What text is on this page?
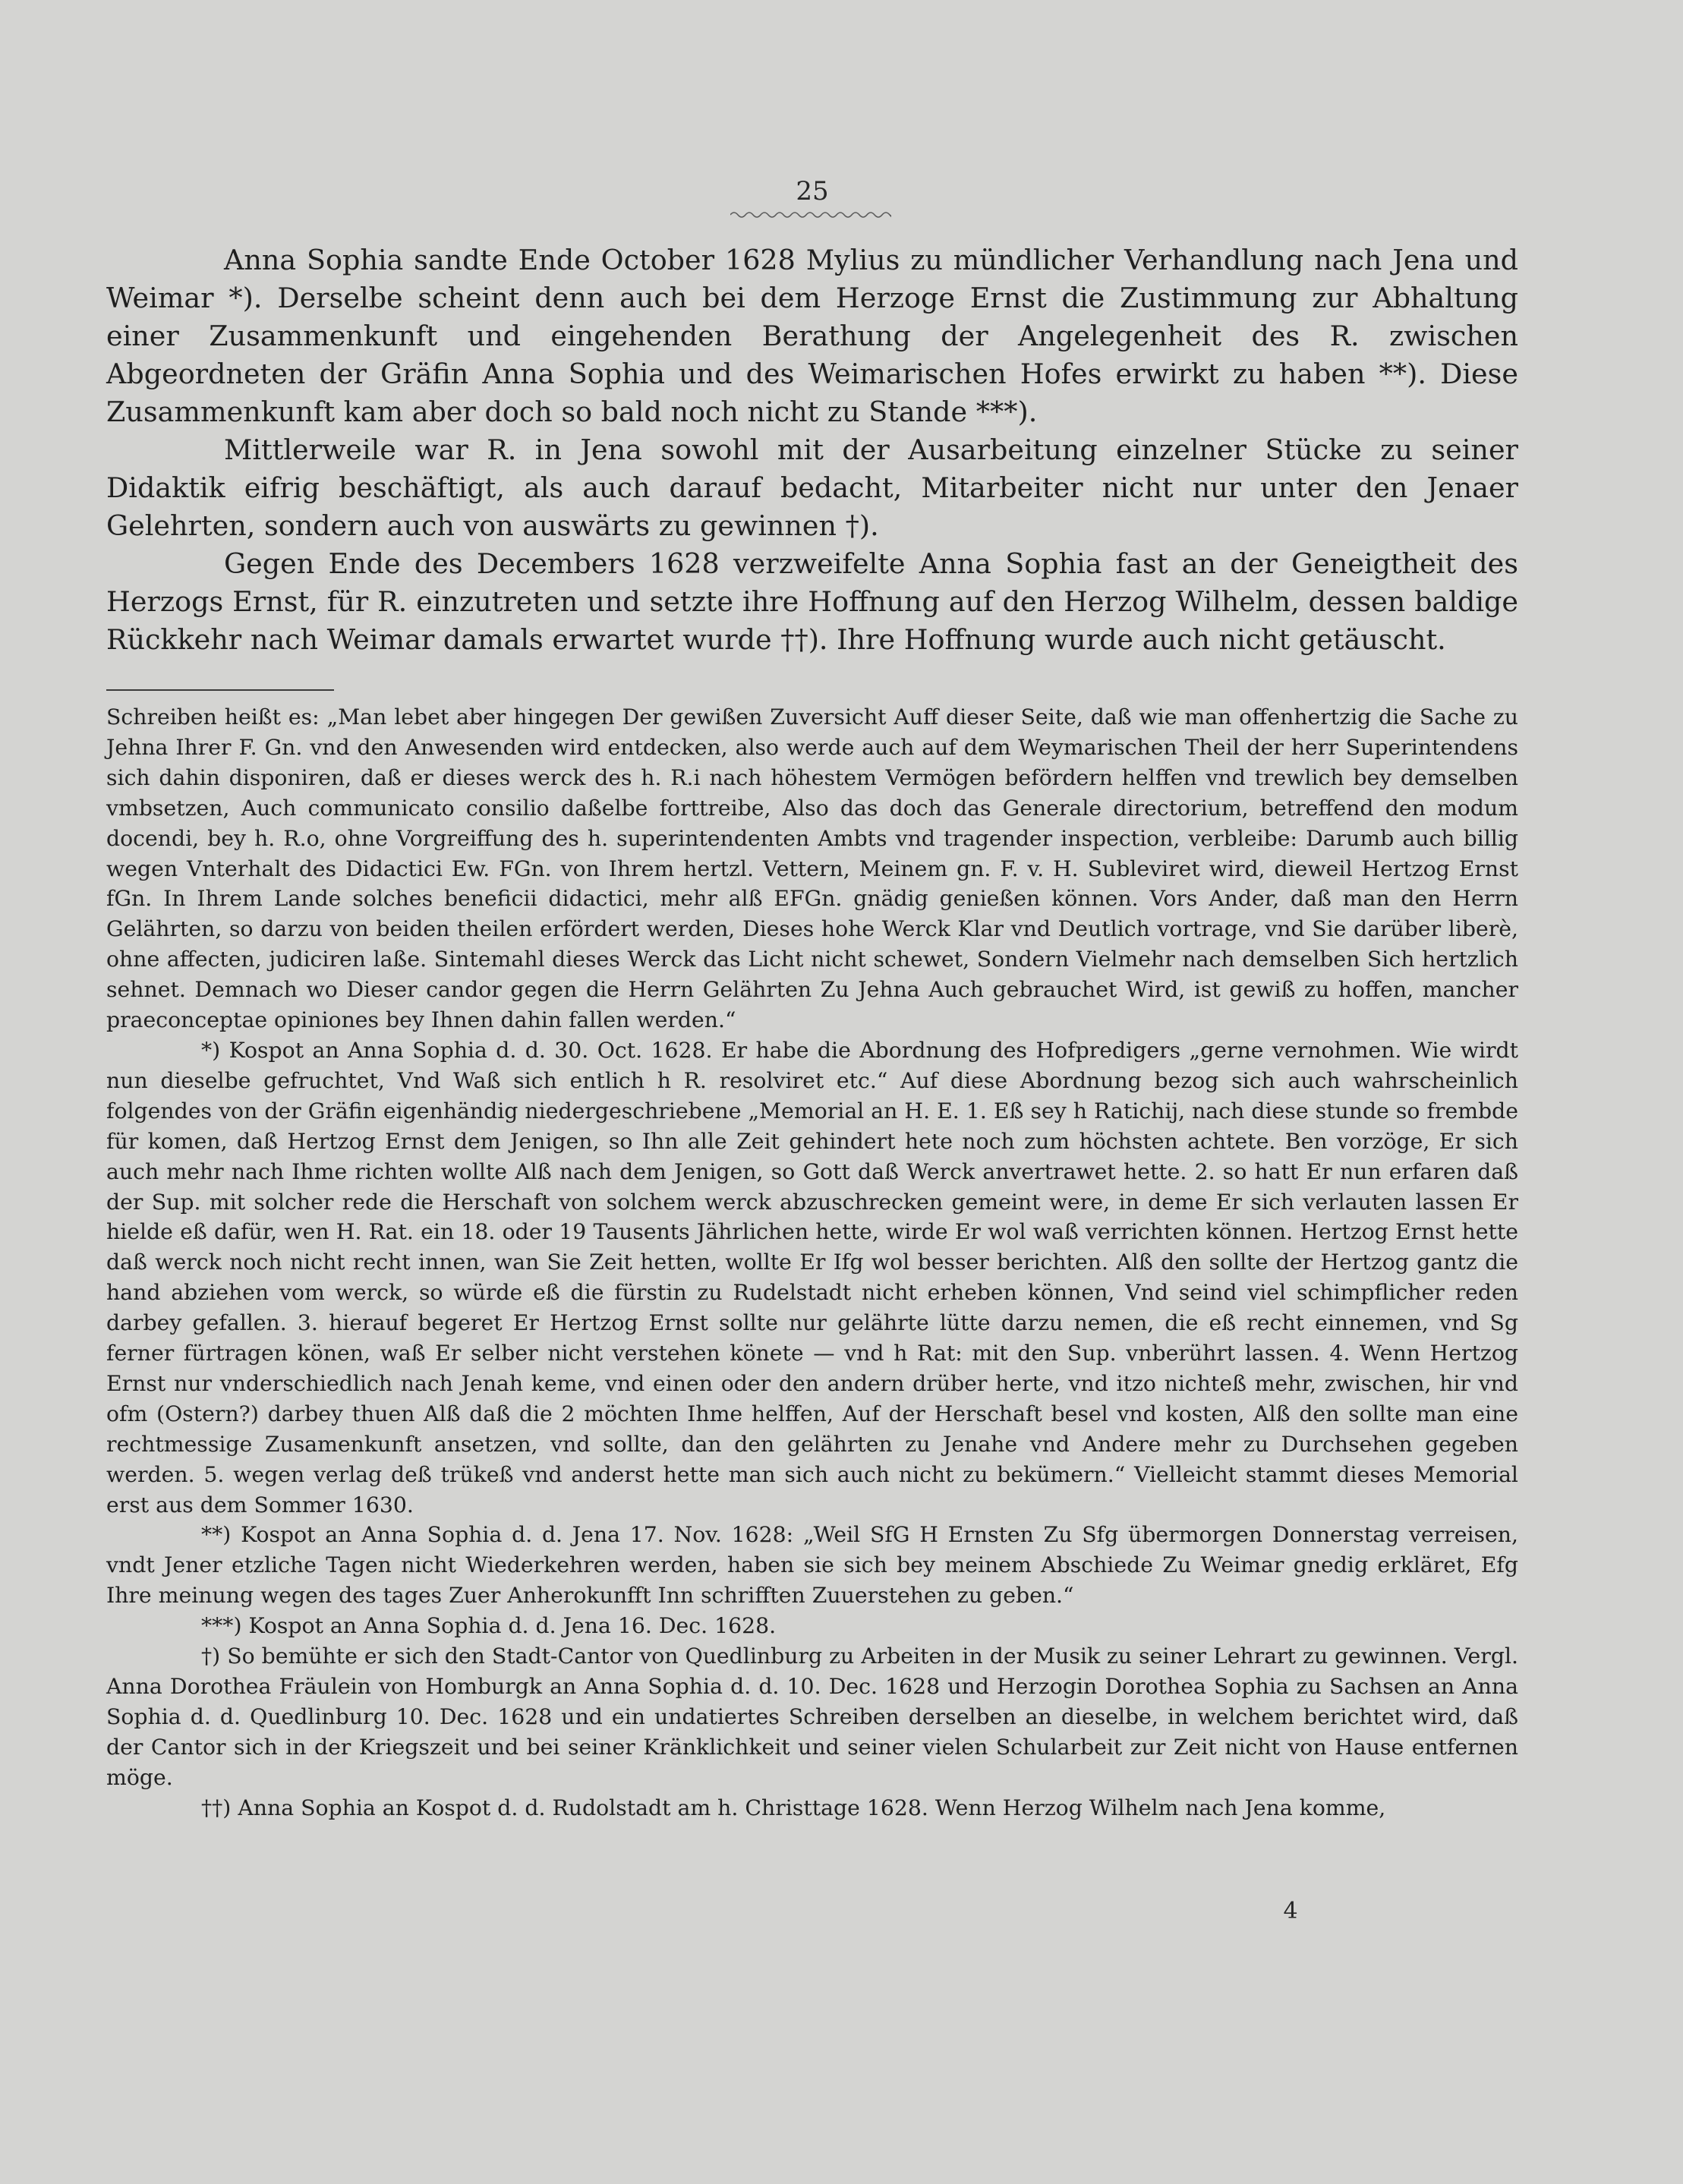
25

Anna Sophia sandte Ende October 1628 Mylius zu mündlicher Verhandlung nach Jena und Weimar *). Derselbe scheint denn auch bei dem Herzoge Ernst die Zustimmung zur Abhaltung einer Zusammenkunft und eingehenden Berathung der Angelegenheit des R. zwischen Abgeordneten der Gräfin Anna Sophia und des Weimarischen Hofes erwirkt zu haben **). Diese Zusammenkunft kam aber doch so bald noch nicht zu Stande ***).

Mittlerweile war R. in Jena sowohl mit der Ausarbeitung einzelner Stücke zu seiner Didaktik eifrig beschäftigt, als auch darauf bedacht, Mitarbeiter nicht nur unter den Jenaer Gelehrten, sondern auch von auswärts zu gewinnen †).

Gegen Ende des Decembers 1628 verzweifelte Anna Sophia fast an der Geneigtheit des Herzogs Ernst, für R. einzutreten und setzte ihre Hoffnung auf den Herzog Wilhelm, dessen baldige Rückkehr nach Weimar damals erwartet wurde ††). Ihre Hoffnung wurde auch nicht getäuscht.

Schreiben heißt es: „Man lebet aber hingegen Der gewißen Zuversicht Auff dieser Seite, daß wie man offenhertzig die Sache zu Jehna Ihrer F. Gn. vnd den Anwesenden wird entdecken, also werde auch auf dem Weymarischen Theil der herr Superintendens sich dahin disponiren, daß er dieses werck des h. R.i nach höhestem Vermögen befördern helffen vnd trewlich bey demselben vmbsetzen, Auch communicato consilio daßelbe forttreibe, Also das doch das Generale directorium, betreffend den modum docendi, bey h. R.o, ohne Vorgreiffung des h. superintendenten Ambts vnd tragender inspection, verbleibe: Darumb auch billig wegen Vnterhalt des Didactici Ew. FGn. von Ihrem hertzl. Vettern, Meinem gn. F. v. H. Subleviret wird, dieweil Hertzog Ernst fGn. In Ihrem Lande solches beneficii didactici, mehr alß EFGn. gnädig genießen können. Vors Ander, daß man den Herrn Gelährten, so darzu von beiden theilen erfördert werden, Dieses hohe Werck Klar vnd Deutlich vortrage, vnd Sie darüber liberè, ohne affecten, judiciren laße. Sintemahl dieses Werck das Licht nicht schewet, Sondern Vielmehr nach demselben Sich hertzlich sehnet. Demnach wo Dieser candor gegen die Herrn Gelährten Zu Jehna Auch gebrauchet Wird, ist gewiß zu hoffen, mancher praeconceptae opiniones bey Ihnen dahin fallen werden.“

*) Kospot an Anna Sophia d. d. 30. Oct. 1628. Er habe die Abordnung des Hofpredigers „gerne vernohmen. Wie wirdt nun dieselbe gefruchtet, Vnd Waß sich entlich h R. resolviret etc.“ Auf diese Abordnung bezog sich auch wahrscheinlich folgendes von der Gräfin eigenhändig niedergeschriebene „Memorial an H. E. 1. Eß sey h Ratichij, nach diese stunde so frembde für komen, daß Hertzog Ernst dem Jenigen, so Ihn alle Zeit gehindert hete noch zum höchsten achtete. Ben vorzöge, Er sich auch mehr nach Ihme richten wollte Alß nach dem Jenigen, so Gott daß Werck anvertrawet hette. 2. so hatt Er nun erfaren daß der Sup. mit solcher rede die Herschaft von solchem werck abzuschrecken gemeint were, in deme Er sich verlauten lassen Er hielde eß dafür, wen H. Rat. ein 18. oder 19 Tausents Jährlichen hette, wirde Er wol waß verrichten können. Hertzog Ernst hette daß werck noch nicht recht innen, wan Sie Zeit hetten, wollte Er Ifg wol besser berichten. Alß den sollte der Hertzog gantz die hand abziehen vom werck, so würde eß die fürstin zu Rudelstadt nicht erheben können, Vnd seind viel schimpflicher reden darbey gefallen. 3. hierauf begeret Er Hertzog Ernst sollte nur gelährte lütte darzu nemen, die eß recht einnemen, vnd Sg ferner fürtragen könen, waß Er selber nicht verstehen könete — vnd h Rat: mit den Sup. vnberührt lassen. 4. Wenn Hertzog Ernst nur vnderschiedlich nach Jenah keme, vnd einen oder den andern drüber herte, vnd itzo nichteß mehr, zwischen, hir vnd ofm (Ostern?) darbey thuen Alß daß die 2 möchten Ihme helffen, Auf der Herschaft besel vnd kosten, Alß den sollte man eine rechtmessige Zusamenkunft ansetzen, vnd sollte, dan den gelährten zu Jenahe vnd Andere mehr zu Durchsehen gegeben werden. 5. wegen verlag deß trükeß vnd anderst hette man sich auch nicht zu bekümern.“ Vielleicht stammt dieses Memorial erst aus dem Sommer 1630.

**) Kospot an Anna Sophia d. d. Jena 17. Nov. 1628: „Weil SfG H Ernsten Zu Sfg übermorgen Donnerstag verreisen, vndt Jener etzliche Tagen nicht Wiederkehren werden, haben sie sich bey meinem Abschiede Zu Weimar gnedig erkläret, Efg Ihre meinung wegen des tages Zuer Anherokunfft Inn schrifften Zuuerstehen zu geben.“

***) Kospot an Anna Sophia d. d. Jena 16. Dec. 1628.

†) So bemühte er sich den Stadt-Cantor von Quedlinburg zu Arbeiten in der Musik zu seiner Lehrart zu gewinnen. Vergl. Anna Dorothea Fräulein von Homburgk an Anna Sophia d. d. 10. Dec. 1628 und Herzogin Dorothea Sophia zu Sachsen an Anna Sophia d. d. Quedlinburg 10. Dec. 1628 und ein undatiertes Schreiben derselben an dieselbe, in welchem berichtet wird, daß der Cantor sich in der Kriegszeit und bei seiner Kränklichkeit und seiner vielen Schularbeit zur Zeit nicht von Hause entfernen möge.

††) Anna Sophia an Kospot d. d. Rudolstadt am h. Christtage 1628. Wenn Herzog Wilhelm nach Jena komme,

4
